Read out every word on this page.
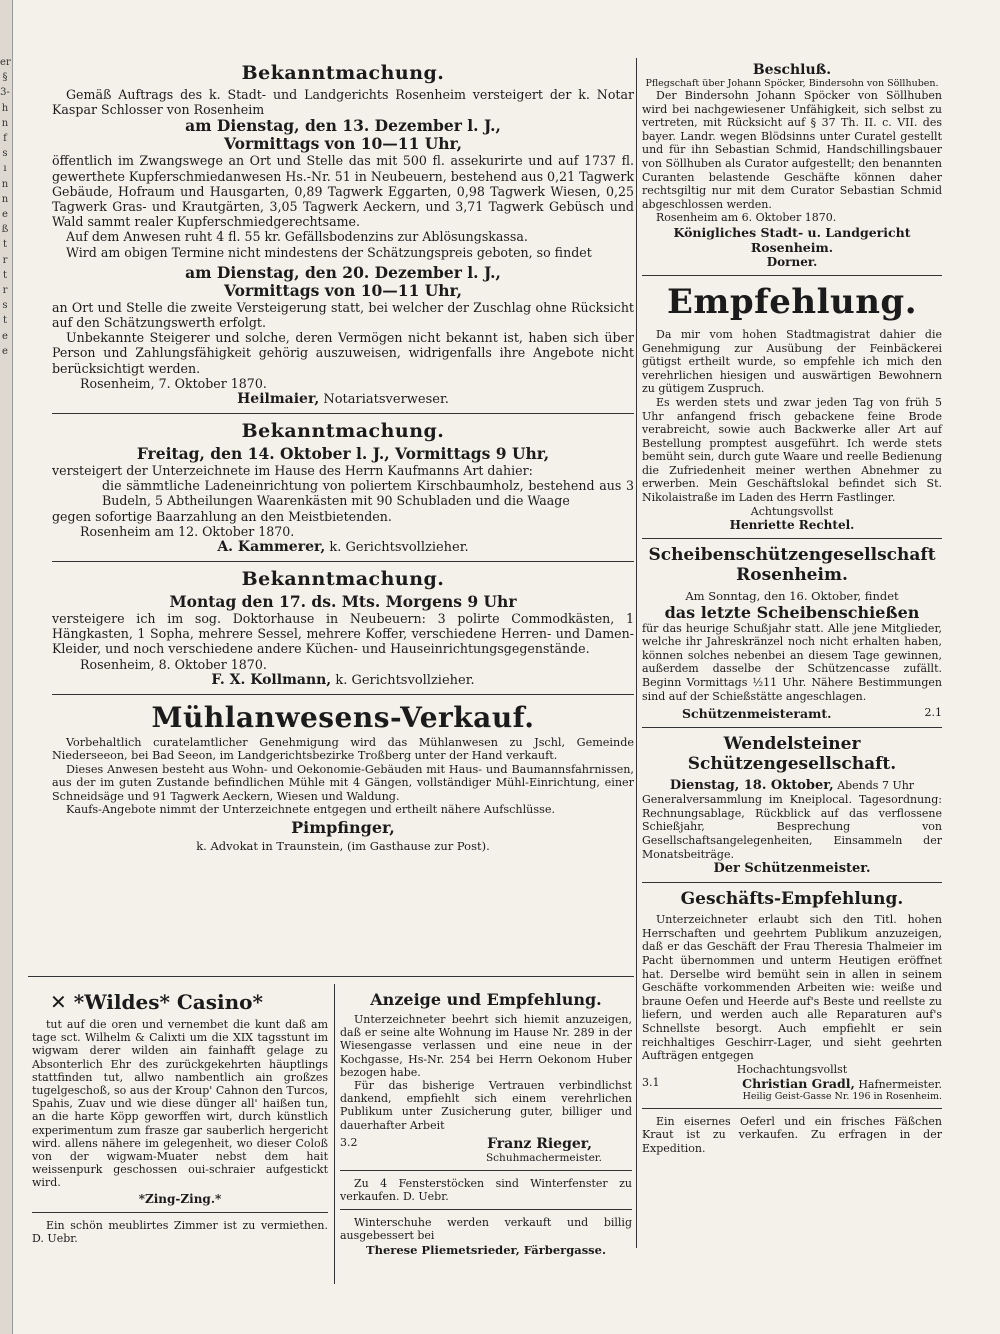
er
§
3-
h
n
f
s
ı
n
n
e
ß
t
r
t
r
s
t
e
e
Bekanntmachung.

Gemäß Auftrags des k. Stadt- und Landgerichts Rosenheim versteigert der k. Notar Kaspar Schlosser von Rosenheim

am Dienstag, den 13. Dezember l. J.,
Vormittags von 10—11 Uhr,

öffentlich im Zwangswege an Ort und Stelle das mit 500 fl. assekurirte und auf 1737 fl. gewerthete Kupferschmiedanwesen Hs.-Nr. 51 in Neubeuern, bestehend aus 0,21 Tagwerk Gebäude, Hofraum und Hausgarten, 0,89 Tagwerk Eggarten, 0,98 Tagwerk Wiesen, 0,25 Tagwerk Gras- und Krautgärten, 3,05 Tagwerk Aeckern, und 3,71 Tagwerk Gebüsch und Wald sammt realer Kupferschmiedgerechtsame.

Auf dem Anwesen ruht 4 fl. 55 kr. Gefällsbodenzins zur Ablösungskassa.

Wird am obigen Termine nicht mindestens der Schätzungspreis geboten, so findet

am Dienstag, den 20. Dezember l. J.,
Vormittags von 10—11 Uhr,

an Ort und Stelle die zweite Versteigerung statt, bei welcher der Zuschlag ohne Rücksicht auf den Schätzungswerth erfolgt.

Unbekannte Steigerer und solche, deren Vermögen nicht bekannt ist, haben sich über Person und Zahlungsfähigkeit gehörig auszuweisen, widrigenfalls ihre Angebote nicht berücksichtigt werden.

Rosenheim, 7. Oktober 1870.

Heilmaier, Notariatsverweser.
Bekanntmachung.
Freitag, den 14. Oktober l. J., Vormittags 9 Uhr,

versteigert der Unterzeichnete im Hause des Herrn Kaufmanns Art dahier:

die sämmtliche Ladeneinrichtung von poliertem Kirschbaumholz, bestehend aus 3 Budeln, 5 Abtheilungen Waarenkästen mit 90 Schubladen und die Waage

gegen sofortige Baarzahlung an den Meistbietenden.

Rosenheim am 12. Oktober 1870.

A. Kammerer, k. Gerichtsvollzieher.
Bekanntmachung.
Montag den 17. ds. Mts. Morgens 9 Uhr

versteigere ich im sog. Doktorhause in Neubeuern: 3 polirte Commodkästen, 1 Hängkasten, 1 Sopha, mehrere Sessel, mehrere Koffer, verschiedene Herren- und Damen-Kleider, und noch verschiedene andere Küchen- und Hauseinrichtungsgegenstände.

Rosenheim, 8. Oktober 1870.

F. X. Kollmann, k. Gerichtsvollzieher.
Mühlanwesens-Verkauf.

Vorbehaltlich curatelamtlicher Genehmigung wird das Mühlanwesen zu Jschl, Gemeinde Niederseeon, bei Bad Seeon, im Landgerichtsbezirke Troßberg unter der Hand verkauft.

Dieses Anwesen besteht aus Wohn- und Oekonomie-Gebäuden mit Haus- und Baumannsfahrnissen, aus der im guten Zustande befindlichen Mühle mit 4 Gängen, vollständiger Mühl-Einrichtung, einer Schneidsäge und 91 Tagwerk Aeckern, Wiesen und Waldung.

Kaufs-Angebote nimmt der Unterzeichnete entgegen und ertheilt nähere Aufschlüsse.

Pimpfinger,
k. Advokat in Traunstein, (im Gasthause zur Post).
✕ *Wildes* Casino*

tut auf die oren und vernembet die kunt daß am tage sct. Wilhelm & Calixti um die XIX tagsstunt im wigwam derer wilden ain fainhafft gelage zu Absonterlich Ehr des zurückgekehrten häuptlings stattfinden tut, allwo nambentlich ain großzes tugelgeschoß, so aus der Kroup' Cahnon den Turcos, Spahis, Zuav und wie diese dünger all' haißen tun, an die harte Köpp geworffen wirt, durch künstlich experimentum zum frasze gar sauberlich hergericht wird. allens nähere im gelegenheit, wo dieser Coloß von der wigwam-Muater nebst dem hait weissenpurk geschossen oui-schraier aufgestickt wird.

*Zing-Zing.*

Ein schön meublirtes Zimmer ist zu vermiethen. D. Uebr.

Anzeige und Empfehlung.

Unterzeichneter beehrt sich hiemit anzuzeigen, daß er seine alte Wohnung im Hause Nr. 289 in der Wiesengasse verlassen und eine neue in der Kochgasse, Hs-Nr. 254 bei Herrn Oekonom Huber bezogen habe.

Für das bisherige Vertrauen verbindlichst dankend, empfiehlt sich einem verehrlichen Publikum unter Zusicherung guter, billiger und dauerhafter Arbeit

3.2	Franz Rieger,
Schuhmachermeister.

Zu 4 Fensterstöcken sind Winterfenster zu verkaufen. D. Uebr.

Winterschuhe werden verkauft und billig ausgebessert bei

Therese Pliemetsrieder, Färbergasse.
Beschluß.
Pflegschaft über Johann Spöcker, Bindersohn von Söllhuben.

Der Bindersohn Johann Spöcker von Söllhuben wird bei nachgewiesener Unfähigkeit, sich selbst zu vertreten, mit Rücksicht auf § 37 Th. II. c. VII. des bayer. Landr. wegen Blödsinns unter Curatel gestellt und für ihn Sebastian Schmid, Handschillingsbauer von Söllhuben als Curator aufgestellt; den benannten Curanten belastende Geschäfte können daher rechtsgiltig nur mit dem Curator Sebastian Schmid abgeschlossen werden.

Rosenheim am 6. Oktober 1870.

Königliches Stadt- u. Landgericht Rosenheim.
Dorner.
Empfehlung.

Da mir vom hohen Stadtmagistrat dahier die Genehmigung zur Ausübung der Feinbäckerei gütigst ertheilt wurde, so empfehle ich mich den verehrlichen hiesigen und auswärtigen Bewohnern zu gütigem Zuspruch.

Es werden stets und zwar jeden Tag von früh 5 Uhr anfangend frisch gebackene feine Brode verabreicht, sowie auch Backwerke aller Art auf Bestellung promptest ausgeführt. Ich werde stets bemüht sein, durch gute Waare und reelle Bedienung die Zufriedenheit meiner werthen Abnehmer zu erwerben. Mein Geschäftslokal befindet sich St. Nikolaistraße im Laden des Herrn Fastlinger.

Achtungsvollst
Henriette Rechtel.
Scheibenschützengesellschaft Rosenheim.
Am Sonntag, den 16. Oktober, findet
das letzte Scheibenschießen

für das heurige Schußjahr statt. Alle jene Mitglieder, welche ihr Jahreskränzel noch nicht erhalten haben, können solches nebenbei an diesem Tage gewinnen, außerdem dasselbe der Schützencasse zufällt. Beginn Vormittags ½11 Uhr. Nähere Bestimmungen sind auf der Schießstätte angeschlagen.

Schützenmeisteramt.	2.1
Wendelsteiner Schützengesellschaft.
Dienstag, 18. Oktober, Abends 7 Uhr

Generalversammlung im Kneiplocal. Tagesordnung: Rechnungsablage, Rückblick auf das verflossene Schießjahr, Besprechung von Gesellschaftsangelegenheiten, Einsammeln der Monatsbeiträge.

Der Schützenmeister.
Geschäfts-Empfehlung.

Unterzeichneter erlaubt sich den Titl. hohen Herrschaften und geehrtem Publikum anzuzeigen, daß er das Geschäft der Frau Theresia Thalmeier im Pacht übernommen und unterm Heutigen eröffnet hat. Derselbe wird bemüht sein in allen in seinem Geschäfte vorkommenden Arbeiten wie: weiße und braune Oefen und Heerde auf's Beste und reellste zu liefern, und werden auch alle Reparaturen auf's Schnellste besorgt. Auch empfiehlt er sein reichhaltiges Geschirr-Lager, und sieht geehrten Aufträgen entgegen

Hochachtungsvollst
3.1	Christian Gradl, Hafnermeister.
Heilig Geist-Gasse Nr. 196 in Rosenheim.

Ein eisernes Oeferl und ein frisches Fäßchen Kraut ist zu verkaufen. Zu erfragen in der Expedition.
